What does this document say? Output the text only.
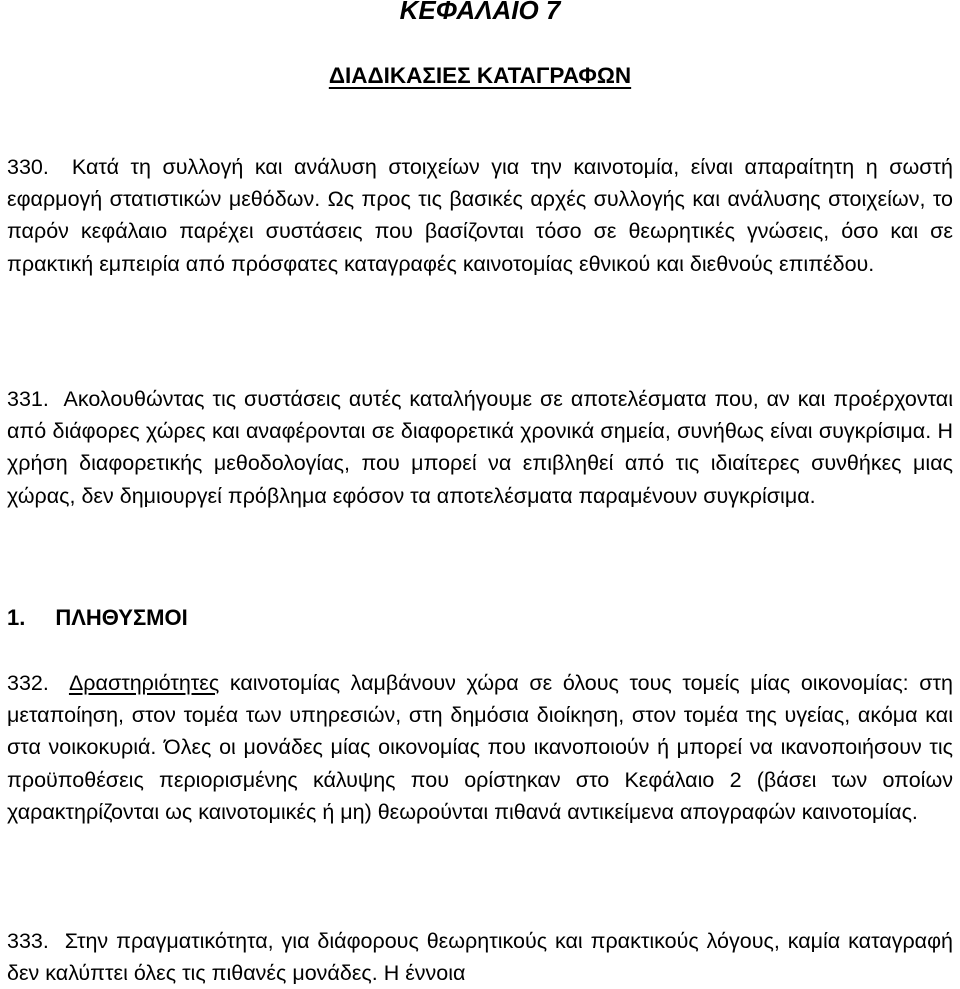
ΚΕΦΑΛΑΙΟ 7
ΔΙΑΔΙΚΑΣΙΕΣ ΚΑΤΑΓΡΑΦΩΝ

330. Κατά τη συλλογή και ανάλυση στοιχείων για την καινοτομία, είναι απαραίτητη η σωστή εφαρμογή στατιστικών μεθόδων. Ως προς τις βασικές αρχές συλλογής και ανάλυσης στοιχείων, το παρόν κεφάλαιο παρέχει συστάσεις που βασίζονται τόσο σε θεωρητικές γνώσεις, όσο και σε πρακτική εμπειρία από πρόσφατες καταγραφές καινοτομίας εθνικού και διεθνούς επιπέδου.

331. Ακολουθώντας τις συστάσεις αυτές καταλήγουμε σε αποτελέσματα που, αν και προέρχονται από διάφορες χώρες και αναφέρονται σε διαφορετικά χρονικά σημεία, συνήθως είναι συγκρίσιμα. Η χρήση διαφορετικής μεθοδολογίας, που μπορεί να επιβληθεί από τις ιδιαίτερες συνθήκες μιας χώρας, δεν δημιουργεί πρόβλημα εφόσον τα αποτελέσματα παραμένουν συγκρίσιμα.

1. ΠΛΗΘΥΣΜΟΙ

332. Δραστηριότητες καινοτομίας λαμβάνουν χώρα σε όλους τους τομείς μίας οικονομίας: στη μεταποίηση, στον τομέα των υπηρεσιών, στη δημόσια διοίκηση, στον τομέα της υγείας, ακόμα και στα νοικοκυριά. Όλες οι μονάδες μίας οικονομίας που ικανοποιούν ή μπορεί να ικανοποιήσουν τις προϋποθέσεις περιορισμένης κάλυψης που ορίστηκαν στο Κεφάλαιο 2 (βάσει των οποίων χαρακτηρίζονται ως καινοτομικές ή μη) θεωρούνται πιθανά αντικείμενα απογραφών καινοτομίας.

333. Στην πραγματικότητα, για διάφορους θεωρητικούς και πρακτικούς λόγους, καμία καταγραφή δεν καλύπτει όλες τις πιθανές μονάδες. Η έννοια
